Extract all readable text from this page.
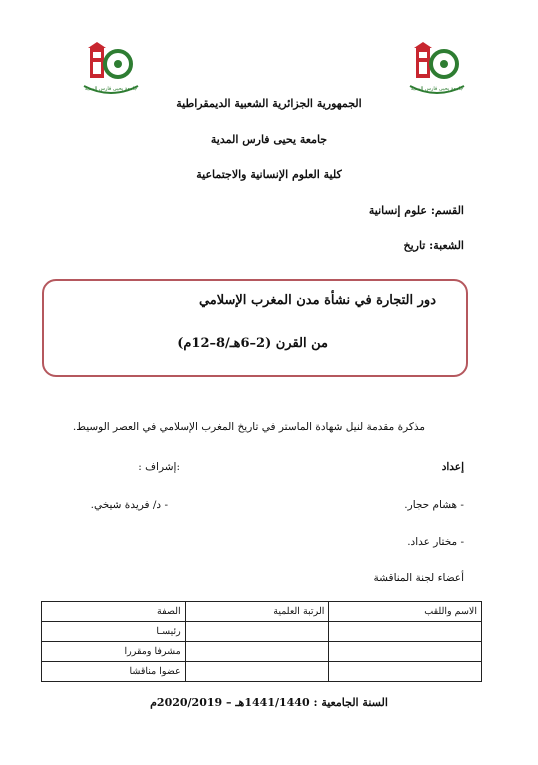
جامعة يحيى فارس المدية	جامعة يحيى فارس المدية
الجمهورية الجزائرية الشعبية الديمقراطية
جامعة يحيى فارس المدية
كلية العلوم الإنسانية والاجتماعية
القسم: علوم إنسانية
الشعبة: تاريخ
دور التجارة في نشأة مدن المغرب الإسلامي
من القرن (2–6هـ/8–12م)
مذكرة مقدمة لنيل شهادة الماستر في تاريخ المغرب الإسلامي في العصر الوسيط.
إعداد
:إشراف :
- هشام حجار.
- د/ فريدة شيخي.
- مختار عداد.
أعضاء لجنة المناقشة
الاسم واللقب	الرتبة العلمية	الصفة
		رئيسـا
		مشرفا ومقررا
		عضوا مناقشا
السنة الجامعية : 1441/1440هـ – 2020/2019م
